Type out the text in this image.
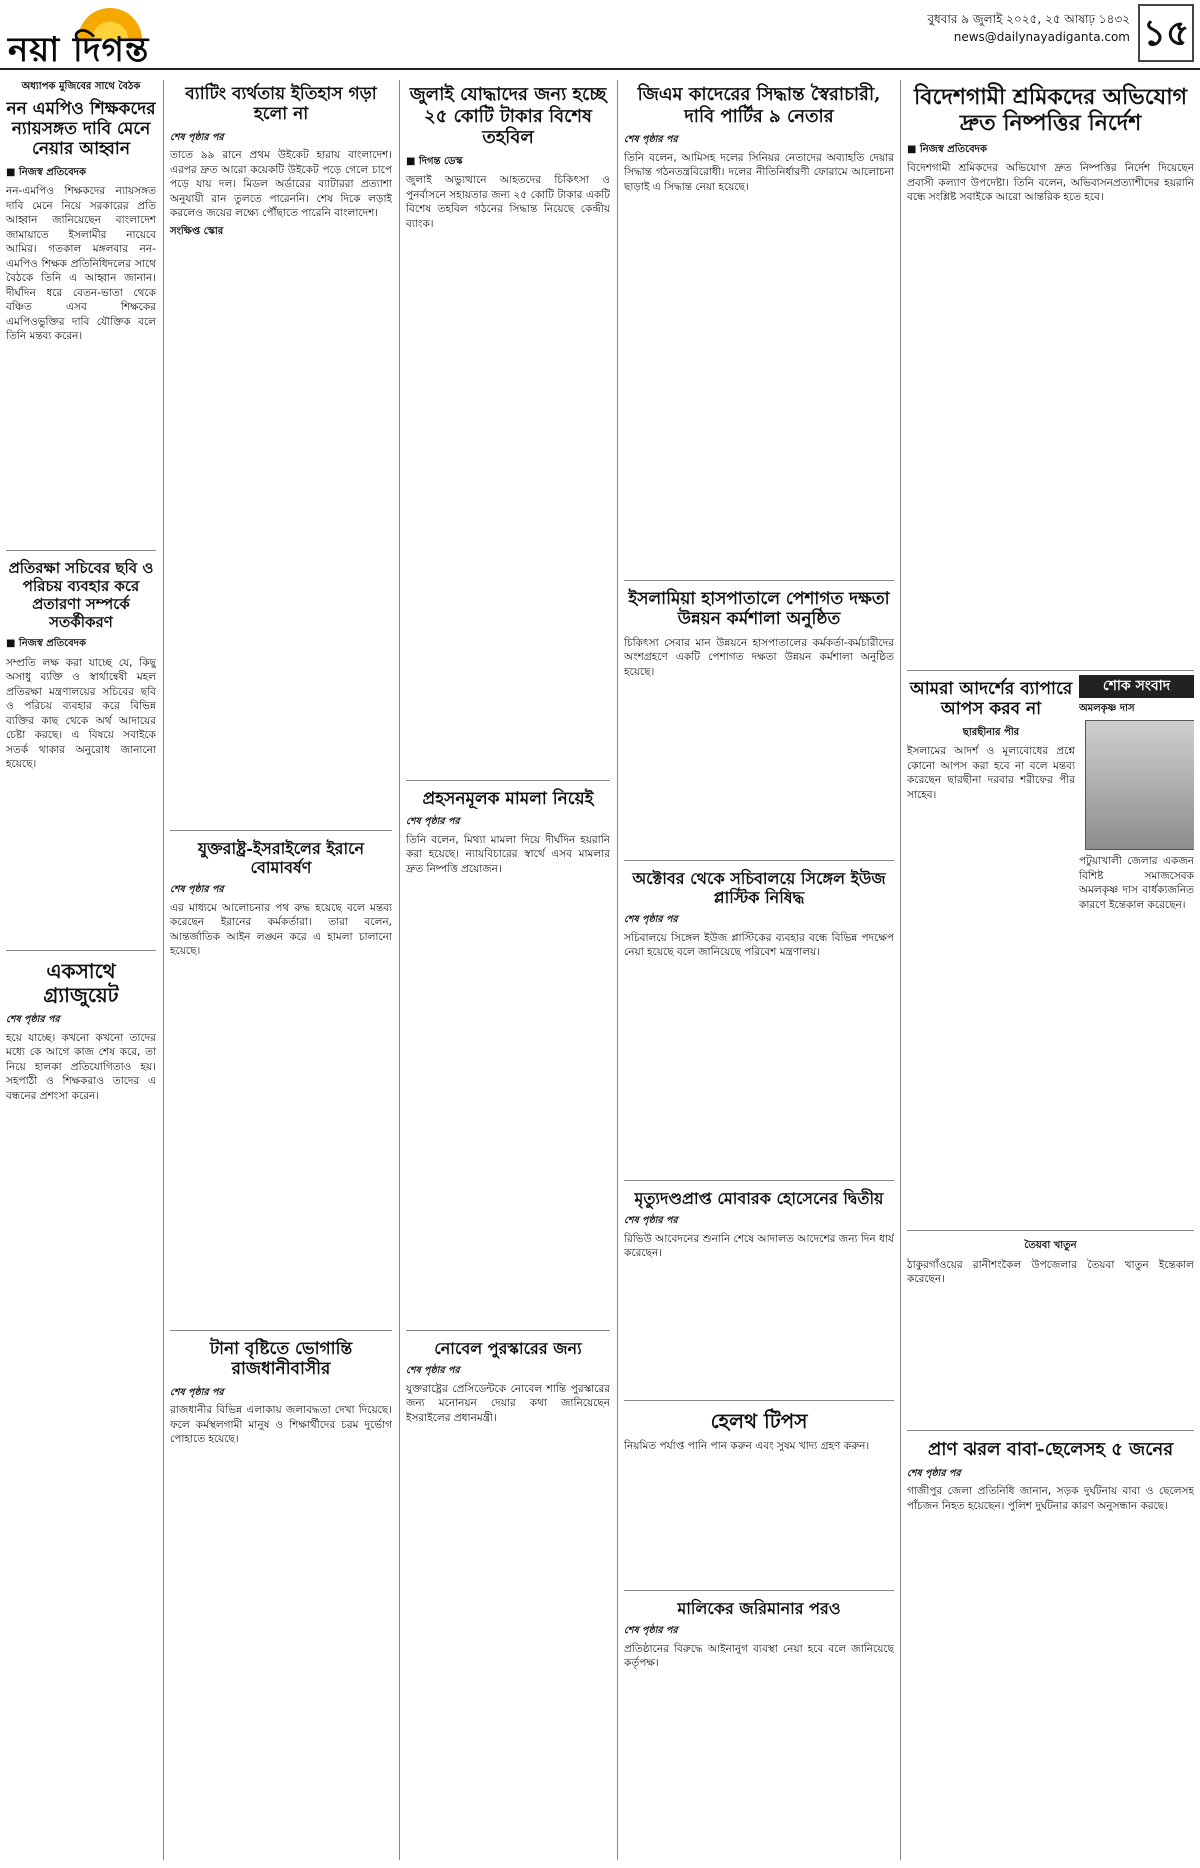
নয়া দিগন্ত
বুধবার ৯ জুলাই ২০২৫, ২৫ আষাঢ় ১৪৩২
news@dailynayadiganta.com ১৫
অধ্যাপক মুজিবের সাথে বৈঠক
নন এমপিও শিক্ষকদের ন্যায়সঙ্গত দাবি মেনে নেয়ার আহ্বান
■ নিজস্ব প্রতিবেদক

নন-এমপিও শিক্ষকদের ন্যায়সঙ্গত দাবি মেনে নিয়ে সরকারের প্রতি আহ্বান জানিয়েছেন বাংলাদেশ জামায়াতে ইসলামীর নায়েবে আমির। গতকাল মঙ্গলবার নন-এমপিও শিক্ষক প্রতিনিধিদলের সাথে বৈঠকে তিনি এ আহ্বান জানান। দীর্ঘদিন ধরে বেতন-ভাতা থেকে বঞ্চিত এসব শিক্ষকের এমপিওভুক্তির দাবি যৌক্তিক বলে তিনি মন্তব্য করেন।

প্রতিরক্ষা সচিবের ছবি ও পরিচয় ব্যবহার করে প্রতারণা সম্পর্কে সতর্কীকরণ
■ নিজস্ব প্রতিবেদক

সম্প্রতি লক্ষ করা যাচ্ছে যে, কিছু অসাধু ব্যক্তি ও স্বার্থান্বেষী মহল প্রতিরক্ষা মন্ত্রণালয়ের সচিবের ছবি ও পরিচয় ব্যবহার করে বিভিন্ন ব্যক্তির কাছ থেকে অর্থ আদায়ের চেষ্টা করছে। এ বিষয়ে সবাইকে সতর্ক থাকার অনুরোধ জানানো হয়েছে।

একসাথে গ্র্যাজুয়েট
শেষ পৃষ্ঠার পর

হয়ে যাচ্ছে। কখনো কখনো তাদের মধ্যে কে আগে কাজ শেষ করে, তা নিয়ে হালকা প্রতিযোগিতাও হয়। সহপাঠী ও শিক্ষকরাও তাদের এ বন্ধনের প্রশংসা করেন।

ব্যাটিং ব্যর্থতায় ইতিহাস গড়া হলো না
শেষ পৃষ্ঠার পর

তাতে ৯৯ রানে প্রথম উইকেট হারায় বাংলাদেশ। এরপর দ্রুত আরো কয়েকটি উইকেট পড়ে গেলে চাপে পড়ে যায় দল। মিডল অর্ডারের ব্যাটাররা প্রত্যাশা অনুযায়ী রান তুলতে পারেননি। শেষ দিকে লড়াই করলেও জয়ের লক্ষ্যে পৌঁছাতে পারেনি বাংলাদেশ।

সংক্ষিপ্ত স্কোর
যুক্তরাষ্ট্র-ইসরাইলের ইরানে বোমাবর্ষণ
শেষ পৃষ্ঠার পর

এর মাধ্যমে আলোচনার পথ রুদ্ধ হয়েছে বলে মন্তব্য করেছেন ইরানের কর্মকর্তারা। তারা বলেন, আন্তর্জাতিক আইন লঙ্ঘন করে এ হামলা চালানো হয়েছে।

টানা বৃষ্টিতে ভোগান্তি রাজধানীবাসীর
শেষ পৃষ্ঠার পর

রাজধানীর বিভিন্ন এলাকায় জলাবদ্ধতা দেখা দিয়েছে। ফলে কর্মস্থলগামী মানুষ ও শিক্ষার্থীদের চরম দুর্ভোগ পোহাতে হয়েছে।

জুলাই যোদ্ধাদের জন্য হচ্ছে ২৫ কোটি টাকার বিশেষ তহবিল
■ দিগন্ত ডেস্ক

জুলাই অভ্যুত্থানে আহতদের চিকিৎসা ও পুনর্বাসনে সহায়তার জন্য ২৫ কোটি টাকার একটি বিশেষ তহবিল গঠনের সিদ্ধান্ত নিয়েছে কেন্দ্রীয় ব্যাংক।

প্রহসনমূলক মামলা নিয়েই
শেষ পৃষ্ঠার পর

তিনি বলেন, মিথ্যা মামলা দিয়ে দীর্ঘদিন হয়রানি করা হয়েছে। ন্যায়বিচারের স্বার্থে এসব মামলার দ্রুত নিষ্পত্তি প্রয়োজন।

নোবেল পুরস্কারের জন্য
শেষ পৃষ্ঠার পর

যুক্তরাষ্ট্রের প্রেসিডেন্টকে নোবেল শান্তি পুরস্কারের জন্য মনোনয়ন দেয়ার কথা জানিয়েছেন ইসরাইলের প্রধানমন্ত্রী।

জিএম কাদেরের সিদ্ধান্ত স্বৈরাচারী, দাবি পার্টির ৯ নেতার
শেষ পৃষ্ঠার পর

তিনি বলেন, আমিসহ দলের সিনিয়র নেতাদের অব্যাহতি দেয়ার সিদ্ধান্ত গঠনতন্ত্রবিরোধী। দলের নীতিনির্ধারণী ফোরামে আলোচনা ছাড়াই এ সিদ্ধান্ত নেয়া হয়েছে।

ইসলামিয়া হাসপাতালে পেশাগত দক্ষতা উন্নয়ন কর্মশালা অনুষ্ঠিত

চিকিৎসা সেবার মান উন্নয়নে হাসপাতালের কর্মকর্তা-কর্মচারীদের অংশগ্রহণে একটি পেশাগত দক্ষতা উন্নয়ন কর্মশালা অনুষ্ঠিত হয়েছে।

অক্টোবর থেকে সচিবালয়ে সিঙ্গেল ইউজ প্লাস্টিক নিষিদ্ধ
শেষ পৃষ্ঠার পর

সচিবালয়ে সিঙ্গেল ইউজ প্লাস্টিকের ব্যবহার বন্ধে বিভিন্ন পদক্ষেপ নেয়া হয়েছে বলে জানিয়েছে পরিবেশ মন্ত্রণালয়।

মৃত্যুদণ্ডপ্রাপ্ত মোবারক হোসেনের দ্বিতীয়
শেষ পৃষ্ঠার পর

রিভিউ আবেদনের শুনানি শেষে আদালত আদেশের জন্য দিন ধার্য করেছেন।

হেলথ টিপস

নিয়মিত পর্যাপ্ত পানি পান করুন এবং সুষম খাদ্য গ্রহণ করুন।

মালিকের জরিমানার পরও
শেষ পৃষ্ঠার পর

প্রতিষ্ঠানের বিরুদ্ধে আইনানুগ ব্যবস্থা নেয়া হবে বলে জানিয়েছে কর্তৃপক্ষ।

বিদেশগামী শ্রমিকদের অভিযোগ দ্রুত নিষ্পত্তির নির্দেশ
■ নিজস্ব প্রতিবেদক

বিদেশগামী শ্রমিকদের অভিযোগ দ্রুত নিষ্পত্তির নির্দেশ দিয়েছেন প্রবাসী কল্যাণ উপদেষ্টা। তিনি বলেন, অভিবাসনপ্রত্যাশীদের হয়রানি বন্ধে সংশ্লিষ্ট সবাইকে আরো আন্তরিক হতে হবে।

আমরা আদর্শের ব্যাপারে আপস করব না
ছারছীনার পীর

ইসলামের আদর্শ ও মূল্যবোধের প্রশ্নে কোনো আপস করা হবে না বলে মন্তব্য করেছেন ছারছীনা দরবার শরীফের পীর সাহেব।

শোক সংবাদ
অমলকৃষ্ণ দাস

পটুয়াখালী জেলার একজন বিশিষ্ট সমাজসেবক অমলকৃষ্ণ দাস বার্ধক্যজনিত কারণে ইন্তেকাল করেছেন।

তৈয়বা খাতুন

ঠাকুরগাঁওয়ের রানীশংকৈল উপজেলার তৈয়বা খাতুন ইন্তেকাল করেছেন।

প্রাণ ঝরল বাবা-ছেলেসহ ৫ জনের
শেষ পৃষ্ঠার পর

গাজীপুর জেলা প্রতিনিধি জানান, সড়ক দুর্ঘটনায় বাবা ও ছেলেসহ পাঁচজন নিহত হয়েছেন। পুলিশ দুর্ঘটনার কারণ অনুসন্ধান করছে।
